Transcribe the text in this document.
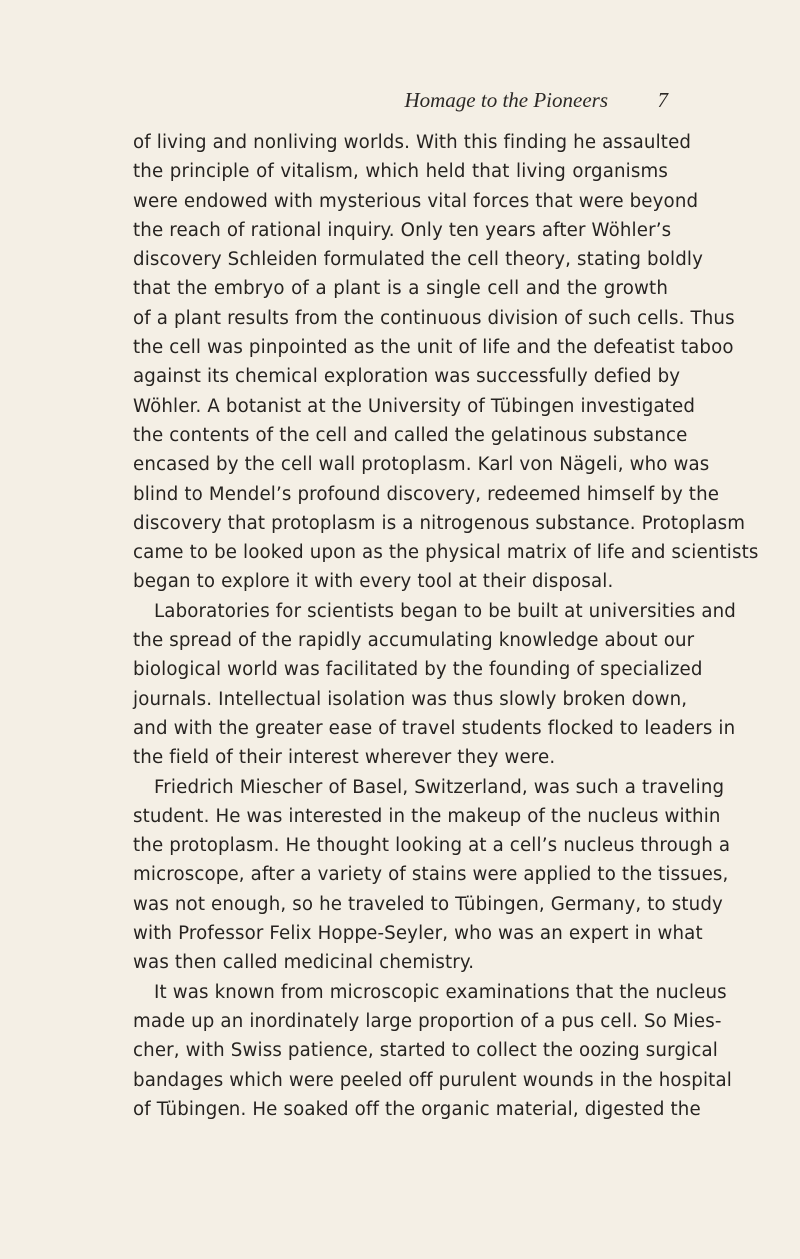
Homage to the Pioneers 7
of living and nonliving worlds. With this finding he assaulted
the principle of vitalism, which held that living organisms
were endowed with mysterious vital forces that were beyond
the reach of rational inquiry. Only ten years after Wöhler’s
discovery Schleiden formulated the cell theory, stating boldly
that the embryo of a plant is a single cell and the growth
of a plant results from the continuous division of such cells. Thus
the cell was pinpointed as the unit of life and the defeatist taboo
against its chemical exploration was successfully defied by
Wöhler. A botanist at the University of Tübingen investigated
the contents of the cell and called the gelatinous substance
encased by the cell wall protoplasm. Karl von Nägeli, who was
blind to Mendel’s profound discovery, redeemed himself by the
discovery that protoplasm is a nitrogenous substance. Protoplasm
came to be looked upon as the physical matrix of life and scientists
began to explore it with every tool at their disposal.
Laboratories for scientists began to be built at universities and
the spread of the rapidly accumulating knowledge about our
biological world was facilitated by the founding of specialized
journals. Intellectual isolation was thus slowly broken down,
and with the greater ease of travel students flocked to leaders in
the field of their interest wherever they were.
Friedrich Miescher of Basel, Switzerland, was such a traveling
student. He was interested in the makeup of the nucleus within
the protoplasm. He thought looking at a cell’s nucleus through a
microscope, after a variety of stains were applied to the tissues,
was not enough, so he traveled to Tübingen, Germany, to study
with Professor Felix Hoppe-Seyler, who was an expert in what
was then called medicinal chemistry.
It was known from microscopic examinations that the nucleus
made up an inordinately large proportion of a pus cell. So Mies-
cher, with Swiss patience, started to collect the oozing surgical
bandages which were peeled off purulent wounds in the hospital
of Tübingen. He soaked off the organic material, digested the
